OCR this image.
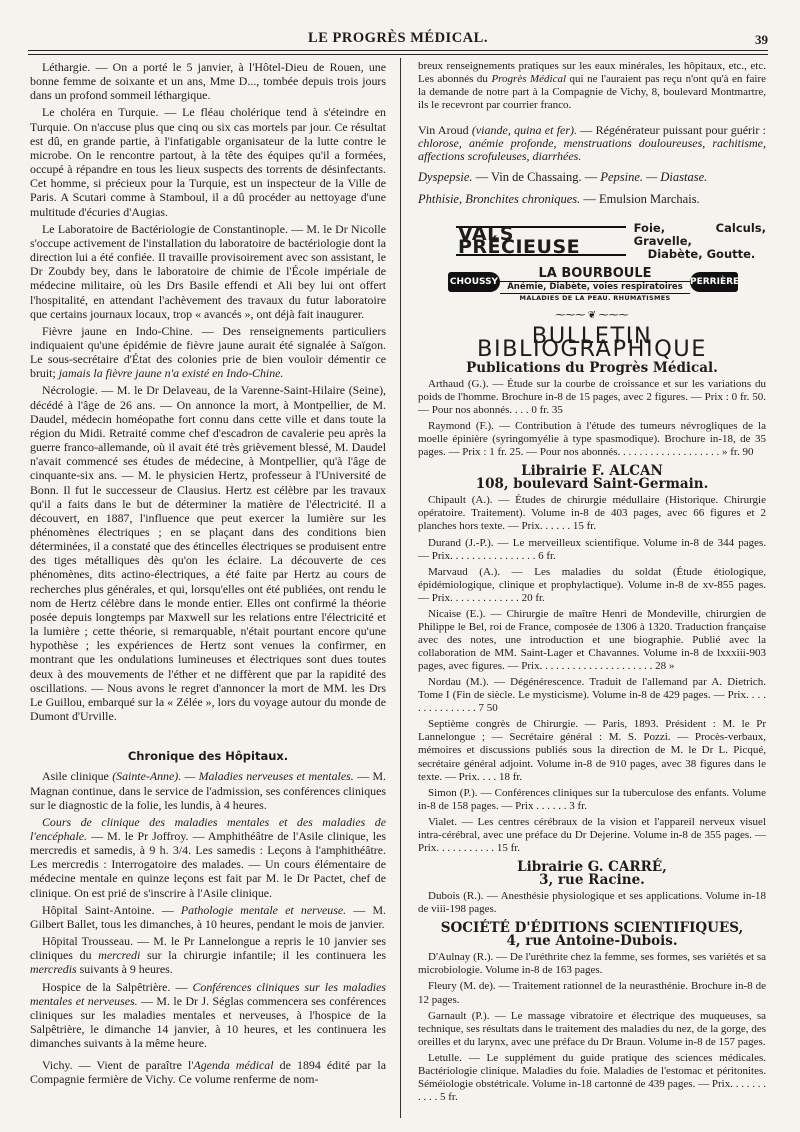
LE PROGRÈS MÉDICAL.	39

Léthargie. — On a porté le 5 janvier, à l'Hôtel-Dieu de Rouen, une bonne femme de soixante et un ans, Mme D..., tombée depuis trois jours dans un profond sommeil léthargique.

Le choléra en Turquie. — Le fléau cholérique tend à s'éteindre en Turquie. On n'accuse plus que cinq ou six cas mortels par jour. Ce résultat est dû, en grande partie, à l'infatigable organisateur de la lutte contre le microbe. On le rencontre partout, à la tête des équipes qu'il a formées, occupé à répandre en tous les lieux suspects des torrents de désinfectants. Cet homme, si précieux pour la Turquie, est un inspecteur de la Ville de Paris. A Scutari comme à Stamboul, il a dû procéder au nettoyage d'une multitude d'écuries d'Augias.

Le Laboratoire de Bactériologie de Constantinople. — M. le Dr Nicolle s'occupe activement de l'installation du laboratoire de bactériologie dont la direction lui a été confiée. Il travaille provisoirement avec son assistant, le Dr Zoubdy bey, dans le laboratoire de chimie de l'École impériale de médecine militaire, où les Drs Basile effendi et Ali bey lui ont offert l'hospitalité, en attendant l'achèvement des travaux du futur laboratoire que certains journaux locaux, trop « avancés », ont déjà fait inaugurer.

Fièvre jaune en Indo-Chine. — Des renseignements particuliers indiquaient qu'une épidémie de fièvre jaune aurait été signalée à Saïgon. Le sous-secrétaire d'État des colonies prie de bien vouloir démentir ce bruit; jamais la fièvre jaune n'a existé en Indo-Chine.

Nécrologie. — M. le Dr Delaveau, de la Varenne-Saint-Hilaire (Seine), décédé à l'âge de 26 ans. — On annonce la mort, à Montpellier, de M. Daudel, médecin homéopathe fort connu dans cette ville et dans toute la région du Midi. Retraité comme chef d'escadron de cavalerie peu après la guerre franco-allemande, où il avait été très grièvement blessé, M. Daudel n'avait commencé ses études de médecine, à Montpellier, qu'à l'âge de cinquante-six ans. — M. le physicien Hertz, professeur à l'Université de Bonn. Il fut le successeur de Clausius. Hertz est célèbre par les travaux qu'il a faits dans le but de déterminer la matière de l'électricité. Il a découvert, en 1887, l'influence que peut exercer la lumière sur les phénomènes électriques ; en se plaçant dans des conditions bien déterminées, il a constaté que des étincelles électriques se produisent entre des tiges métalliques dès qu'on les éclaire. La découverte de ces phénomènes, dits actino-électriques, a été faite par Hertz au cours de recherches plus générales, et qui, lorsqu'elles ont été publiées, ont rendu le nom de Hertz célèbre dans le monde entier. Elles ont confirmé la théorie posée depuis longtemps par Maxwell sur les relations entre l'électricité et la lumière ; cette théorie, si remarquable, n'était pourtant encore qu'une hypothèse ; les expériences de Hertz sont venues la confirmer, en montrant que les ondulations lumineuses et électriques sont dues toutes deux à des mouvements de l'éther et ne diffèrent que par la rapidité des oscillations. — Nous avons le regret d'annoncer la mort de MM. les Drs Le Guillou, embarqué sur la « Zélée », lors du voyage autour du monde de Dumont d'Urville.

Chronique des Hôpitaux.

Asile clinique (Sainte-Anne). — Maladies nerveuses et mentales. — M. Magnan continue, dans le service de l'admission, ses conférences cliniques sur le diagnostic de la folie, les lundis, à 4 heures.

Cours de clinique des maladies mentales et des maladies de l'encéphale. — M. le Pr Joffroy. — Amphithéâtre de l'Asile clinique, les mercredis et samedis, à 9 h. 3/4. Les samedis : Leçons à l'amphithéâtre. Les mercredis : Interrogatoire des malades. — Un cours élémentaire de médecine mentale en quinze leçons est fait par M. le Dr Pactet, chef de clinique. On est prié de s'inscrire à l'Asile clinique.

Hôpital Saint-Antoine. — Pathologie mentale et nerveuse. — M. Gilbert Ballet, tous les dimanches, à 10 heures, pendant le mois de janvier.

Hôpital Trousseau. — M. le Pr Lannelongue a repris le 10 janvier ses cliniques du mercredi sur la chirurgie infantile; il les continuera les mercredis suivants à 9 heures.

Hospice de la Salpêtrière. — Conférences cliniques sur les maladies mentales et nerveuses. — M. le Dr J. Séglas commencera ses conférences cliniques sur les maladies mentales et nerveuses, à l'hospice de la Salpêtrière, le dimanche 14 janvier, à 10 heures, et les continuera les dimanches suivants à la même heure.

Vichy. — Vient de paraître l'Agenda médical de 1894 édité par la Compagnie fermière de Vichy. Ce volume renferme de nom-

breux renseignements pratiques sur les eaux minérales, les hôpitaux, etc., etc. Les abonnés du Progrès Médical qui ne l'auraient pas reçu n'ont qu'à en faire la demande de notre part à la Compagnie de Vichy, 8, boulevard Montmartre, ils le recevront par courrier franco.

Vin Aroud (viande, quina et fer). — Régénérateur puissant pour guérir : chlorose, anémie profonde, menstruations douloureuses, rachitisme, affections scrofuleuses, diarrhées.

Dyspepsie. — Vin de Chassaing. — Pepsine. — Diastase.

Phthisie, Bronchites chroniques. — Emulsion Marchais.

VALS PRÉCIEUSE
Foie, Calculs, Gravelle,
Diabète, Goutte.
CHOUSSY
LA BOURBOULE
Anémie, Diabète, voies respiratoires
MALADIES DE LA PEAU. RHUMATISMES
PERRIÈRE
⁓⁓⁓ ❦ ⁓⁓⁓
BULLETIN BIBLIOGRAPHIQUE
Publications du Progrès Médical.

Arthaud (G.). — Étude sur la courbe de croissance et sur les variations du poids de l'homme. Brochure in-8 de 15 pages, avec 2 figures. — Prix : 0 fr. 50. — Pour nos abonnés. . . . 0 fr. 35

Raymond (F.). — Contribution à l'étude des tumeurs névrogliques de la moelle épinière (syringomyélie à type spasmodique). Brochure in-18, de 35 pages. — Prix : 1 fr. 25. — Pour nos abonnés. . . . . . . . . . . . . . . . . . . » fr. 90

Librairie F. ALCAN
108, boulevard Saint-Germain.

Chipault (A.). — Études de chirurgie médullaire (Historique. Chirurgie opératoire. Traitement). Volume in-8 de 403 pages, avec 66 figures et 2 planches hors texte. — Prix. . . . . . 15 fr.

Durand (J.-P.). — Le merveilleux scientifique. Volume in-8 de 344 pages. — Prix. . . . . . . . . . . . . . . . 6 fr.

Marvaud (A.). — Les maladies du soldat (Étude étiologique, épidémiologique, clinique et prophylactique). Volume in-8 de xv-855 pages. — Prix. . . . . . . . . . . . . 20 fr.

Nicaise (E.). — Chirurgie de maître Henri de Mondeville, chirurgien de Philippe le Bel, roi de France, composée de 1306 à 1320. Traduction française avec des notes, une introduction et une biographie. Publié avec la collaboration de MM. Saint-Lager et Chavannes. Volume in-8 de lxxxiii-903 pages, avec figures. — Prix. . . . . . . . . . . . . . . . . . . . . 28 »

Nordau (M.). — Dégénérescence. Traduit de l'allemand par A. Dietrich. Tome I (Fin de siècle. Le mysticisme). Volume in-8 de 429 pages. — Prix. . . . . . . . . . . . . . . 7 50

Septième congrès de Chirurgie. — Paris, 1893. Président : M. le Pr Lannelongue ; — Secrétaire général : M. S. Pozzi. — Procès-verbaux, mémoires et discussions publiés sous la direction de M. le Dr L. Picqué, secrétaire général adjoint. Volume in-8 de 910 pages, avec 38 figures dans le texte. — Prix. . . . 18 fr.

Simon (P.). — Conférences cliniques sur la tuberculose des enfants. Volume in-8 de 158 pages. — Prix . . . . . . 3 fr.

Vialet. — Les centres cérébraux de la vision et l'appareil nerveux visuel intra-cérébral, avec une préface du Dr Dejerine. Volume in-8 de 355 pages. — Prix. . . . . . . . . . . 15 fr.

Librairie G. CARRÉ,
3, rue Racine.

Dubois (R.). — Anesthésie physiologique et ses applications. Volume in-18 de viii-198 pages.

SOCIÉTÉ D'ÉDITIONS SCIENTIFIQUES,
4, rue Antoine-Dubois.

D'Aulnay (R.). — De l'uréthrite chez la femme, ses formes, ses variétés et sa microbiologie. Volume in-8 de 163 pages.

Fleury (M. de). — Traitement rationnel de la neurasthénie. Brochure in-8 de 12 pages.

Garnault (P.). — Le massage vibratoire et électrique des muqueuses, sa technique, ses résultats dans le traitement des maladies du nez, de la gorge, des oreilles et du larynx, avec une préface du Dr Braun. Volume in-8 de 157 pages.

Letulle. — Le supplément du guide pratique des sciences médicales. Bactériologie clinique. Maladies du foie. Maladies de l'estomac et péritonites. Séméiologie obstétricale. Volume in-18 cartonné de 439 pages. — Prix. . . . . . . . . . . 5 fr.
